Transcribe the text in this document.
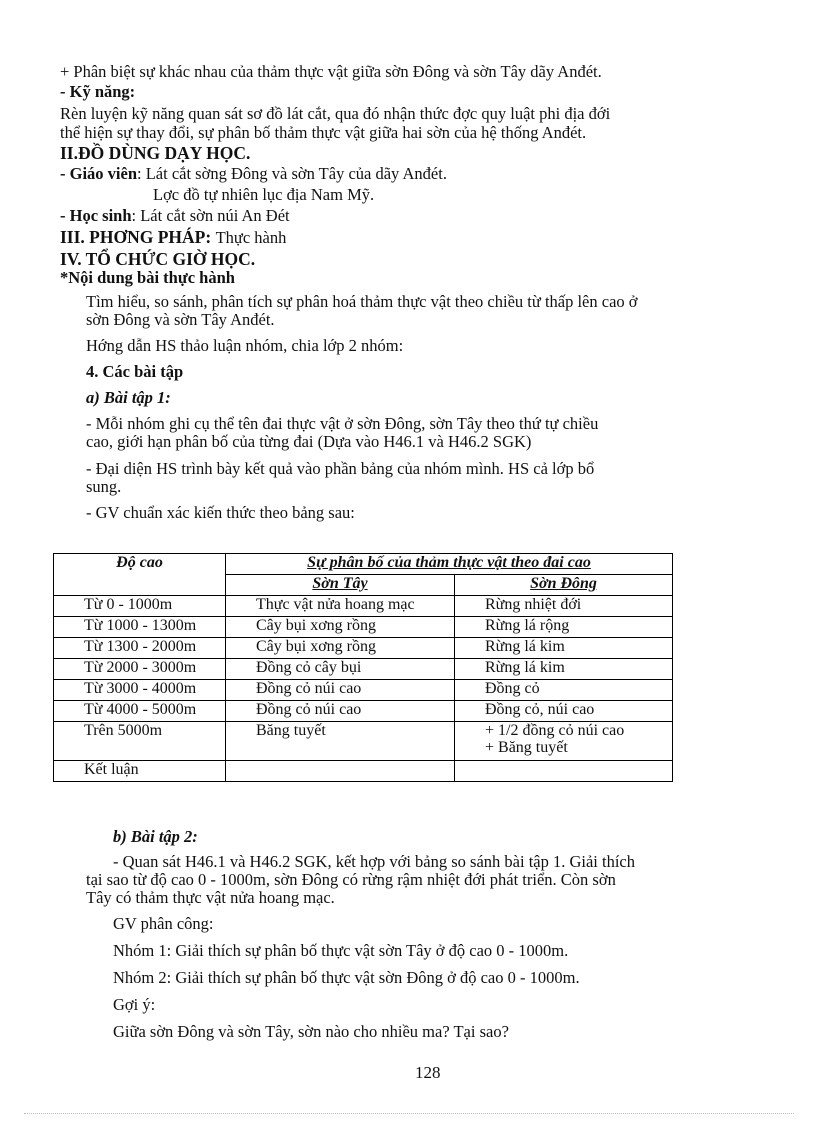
+ Phân biệt sự khác nhau của thảm thực vật giữa sờn Đông và sờn Tây dãy Anđét.
- Kỹ năng:
Rèn luyện kỹ năng quan sát sơ đồ lát cắt, qua đó nhận thức đợc quy luật phi địa đới
thể hiện sự thay đổi, sự phân bố thảm thực vật giữa hai sờn của hệ thống Anđét.
II.ĐỒ DÙNG DẠY HỌC.
- Giáo viên: Lát cắt sờng Đông và sờn Tây của dãy Anđét.
Lợc đồ tự nhiên lục địa Nam Mỹ.
- Học sinh: Lát cắt sờn núi An Đét
III. PHƠNG PHÁP: Thực hành
IV. TỔ CHỨC GIỜ HỌC.
*Nội dung bài thực hành
Tìm hiểu, so sánh, phân tích sự phân hoá thảm thực vật theo chiều từ thấp lên cao ở
sờn Đông và sờn Tây Anđét.
Hớng dẫn HS thảo luận nhóm, chia lớp 2 nhóm:
4. Các bài tập
a) Bài tập 1:
- Mỗi nhóm ghi cụ thể tên đai thực vật ở sờn Đông, sờn Tây theo thứ tự chiều
cao, giới hạn phân bố của từng đai (Dựa vào H46.1 và H46.2 SGK)
- Đại diện HS trình bày kết quả vào phần bảng của nhóm mình. HS cả lớp bổ
sung.
- GV chuẩn xác kiến thức theo bảng sau:
Độ cao	Sự phân bố của thảm thực vật theo đai cao	
	Sờn Tây	Sờn Đông
Từ 0 - 1000m	Thực vật nửa hoang mạc	Rừng nhiệt đới
Từ 1000 - 1300m	Cây bụi xơng rồng	Rừng lá rộng
Từ 1300 - 2000m	Cây bụi xơng rồng	Rừng lá kim
Từ 2000 - 3000m	Đồng cỏ cây bụi	Rừng lá kim
Từ 3000 - 4000m	Đồng cỏ núi cao	Đồng cỏ
Từ 4000 - 5000m	Đồng cỏ núi cao	Đồng cỏ, núi cao
Trên 5000m	Băng tuyết	+ 1/2 đồng cỏ núi cao
+ Băng tuyết

Kết luận		
b) Bài tập 2:
- Quan sát H46.1 và H46.2 SGK, kết hợp với bảng so sánh bài tập 1. Giải thích
tại sao từ độ cao 0 - 1000m, sờn Đông có rừng rậm nhiệt đới phát triển. Còn sờn
Tây có thảm thực vật nửa hoang mạc.
GV phân công:
Nhóm 1: Giải thích sự phân bố thực vật sờn Tây ở độ cao 0 - 1000m.
Nhóm 2: Giải thích sự phân bố thực vật sờn Đông ở độ cao 0 - 1000m.
Gợi ý:
Giữa sờn Đông và sờn Tây, sờn nào cho nhiều ma? Tại sao?
128
